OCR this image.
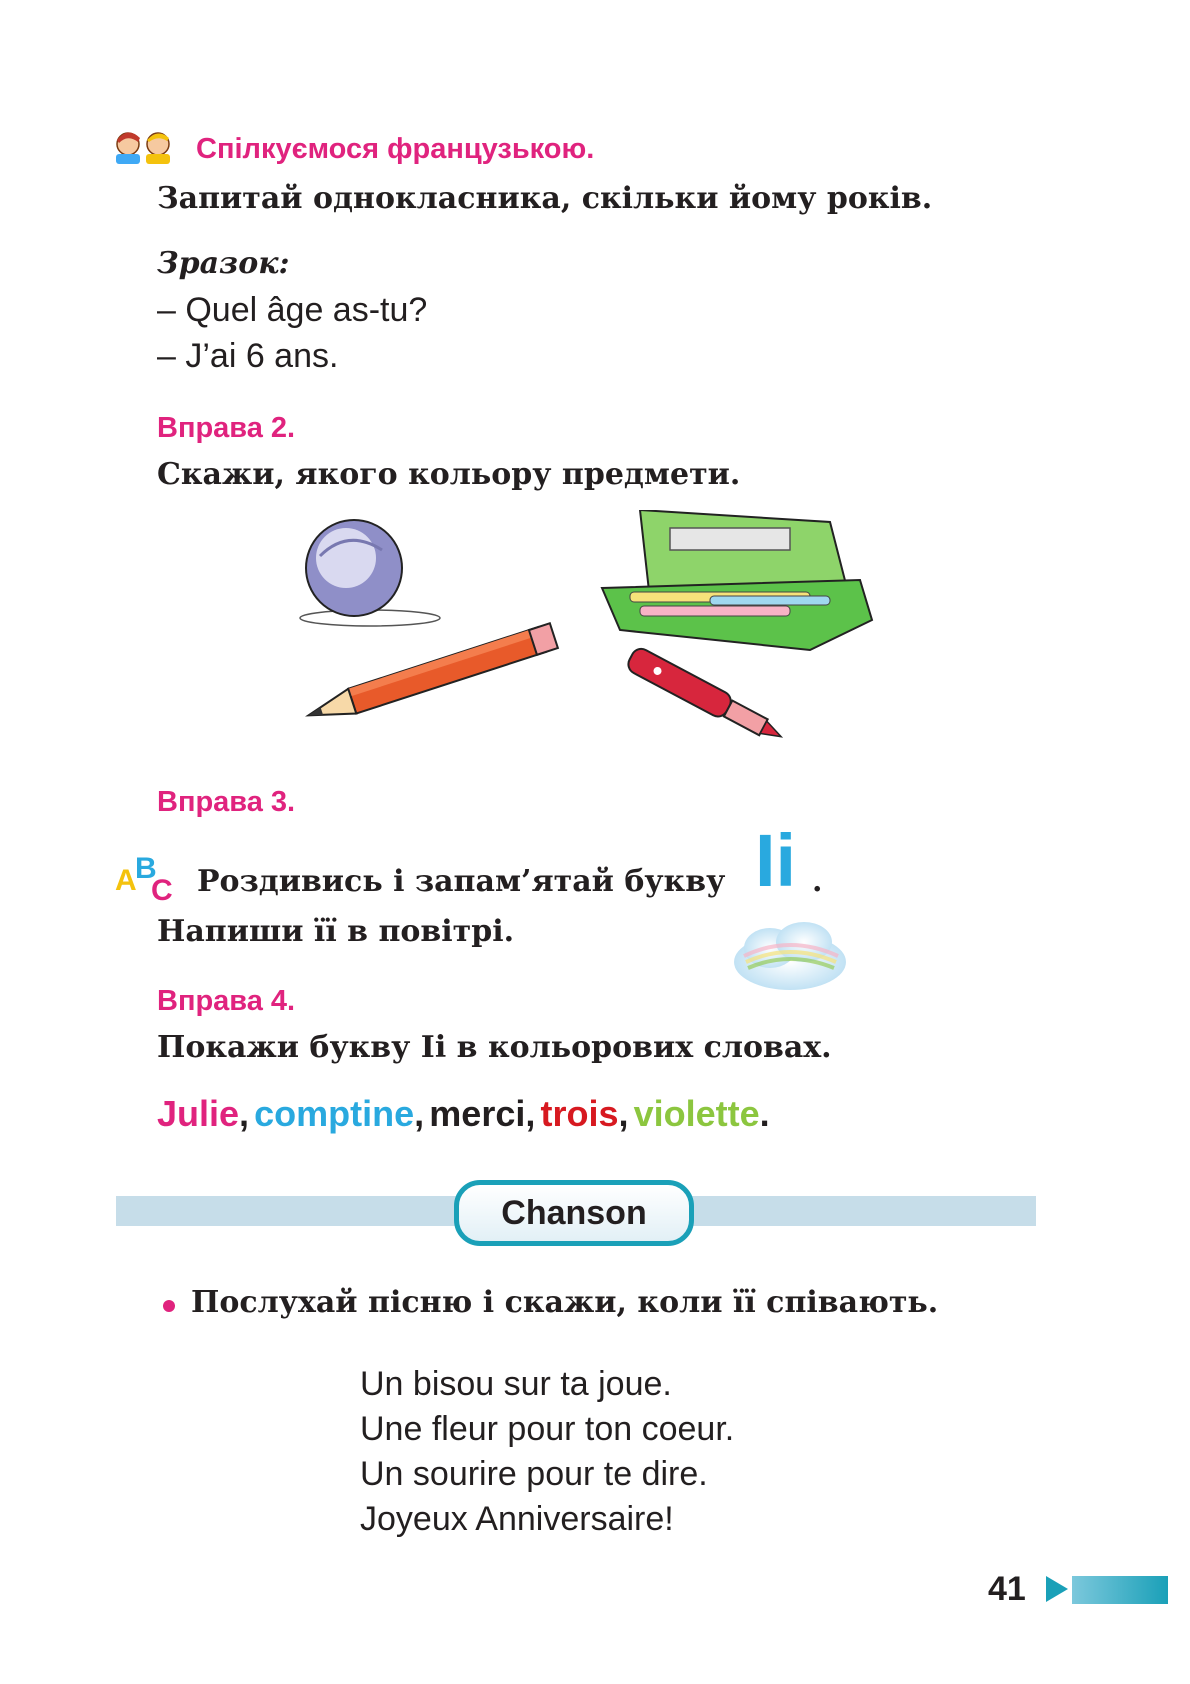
Спілкуємося французькою.
Запитай однокласника, скільки йому років.
Зразок:
– Quel âge as-tu?
– J’ai 6 ans.
Вправа 2.
Скажи, якого кольору предмети.
Вправа 3.
A
B
C Роздивись і запам’ятай букву Ii .
Напиши її в повітрі.
Вправа 4.
Покажи букву Ii в кольорових словах.
Julie, comptine, merci, trois, violette.
Chanson
Послухай пісню і скажи, коли її співають.
Un bisou sur ta joue.
Une fleur pour ton coeur.
Un sourire pour te dire.
Joyeux Anniversaire!
41
